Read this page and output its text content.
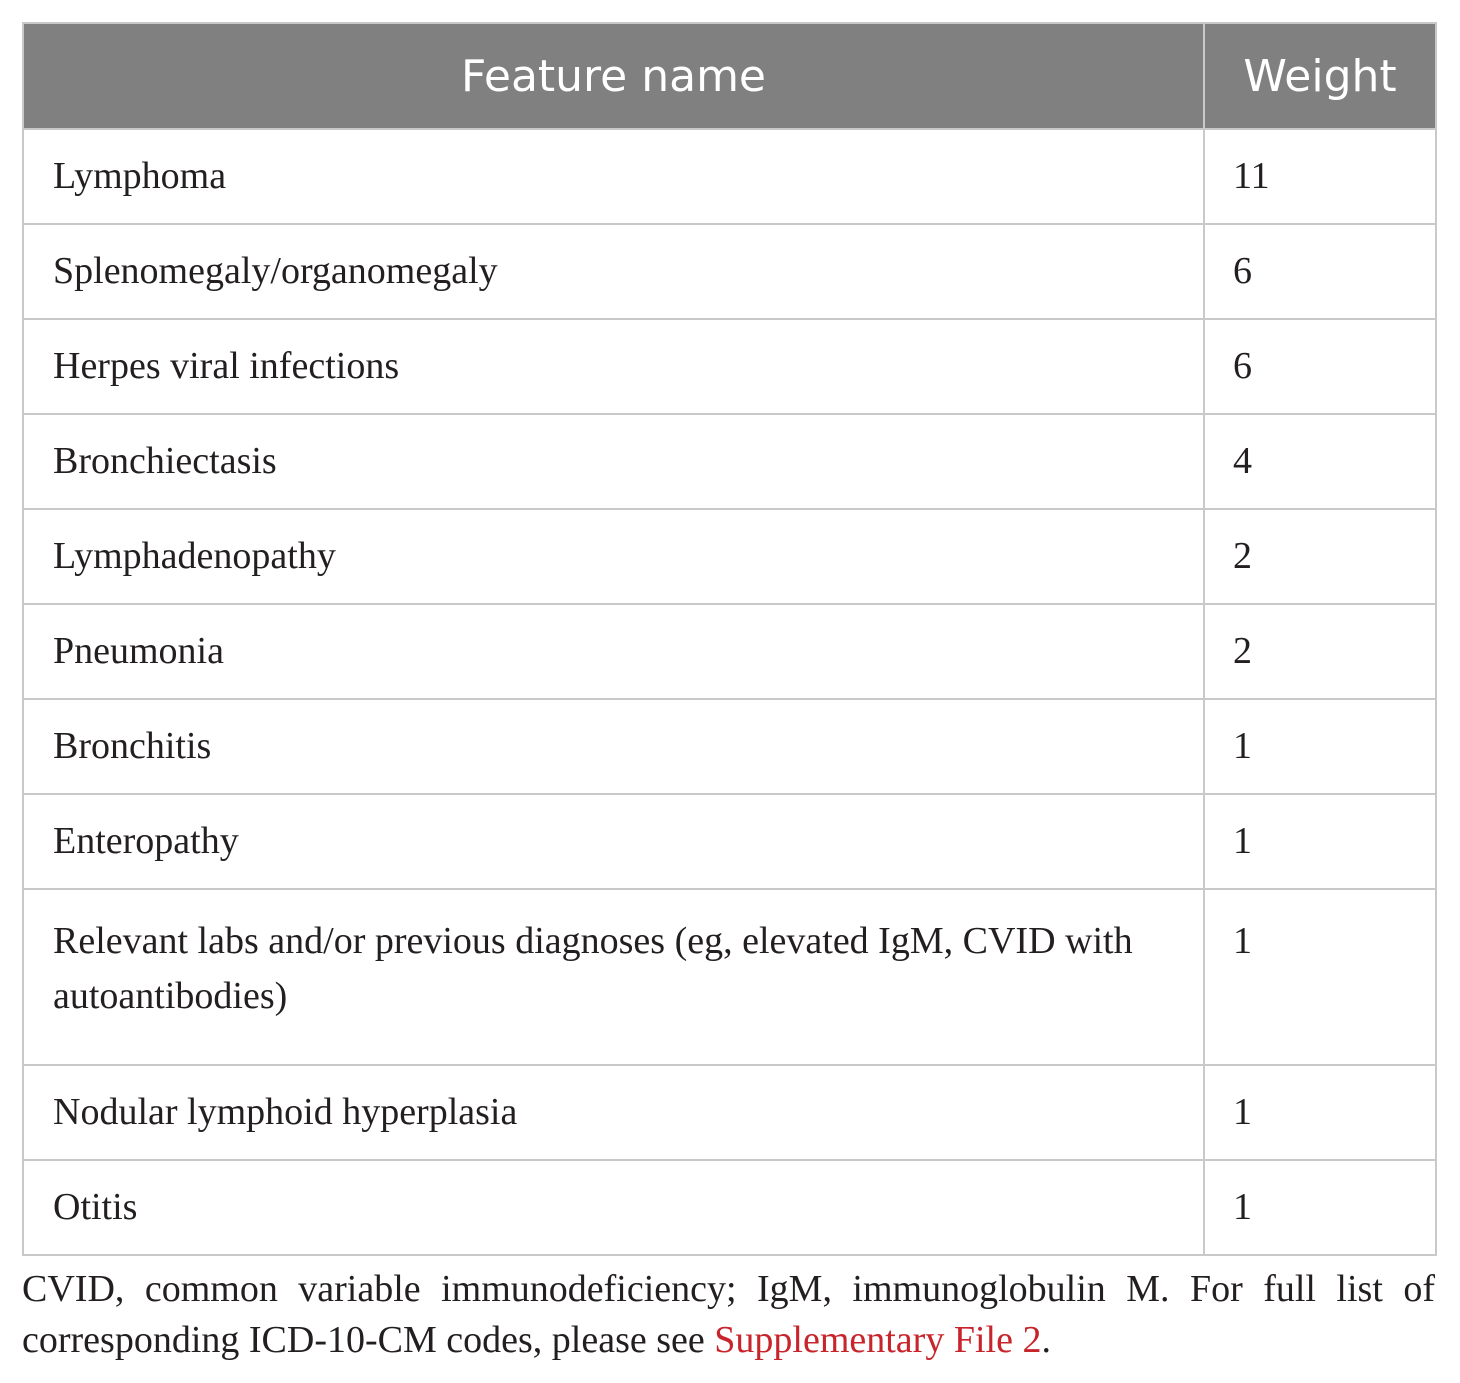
Feature name	Weight
Lymphoma	11
Splenomegaly/organomegaly	6
Herpes viral infections	6
Bronchiectasis	4
Lymphadenopathy	2
Pneumonia	2
Bronchitis	1
Enteropathy	1
Relevant labs and/or previous diagnoses (eg, elevated IgM, CVID with autoantibodies)	1
Nodular lymphoid hyperplasia	1
Otitis	1
CVID, common variable immunodeficiency; IgM, immunoglobulin M. For full list of corresponding ICD-10-CM codes, please see Supplementary File 2.
